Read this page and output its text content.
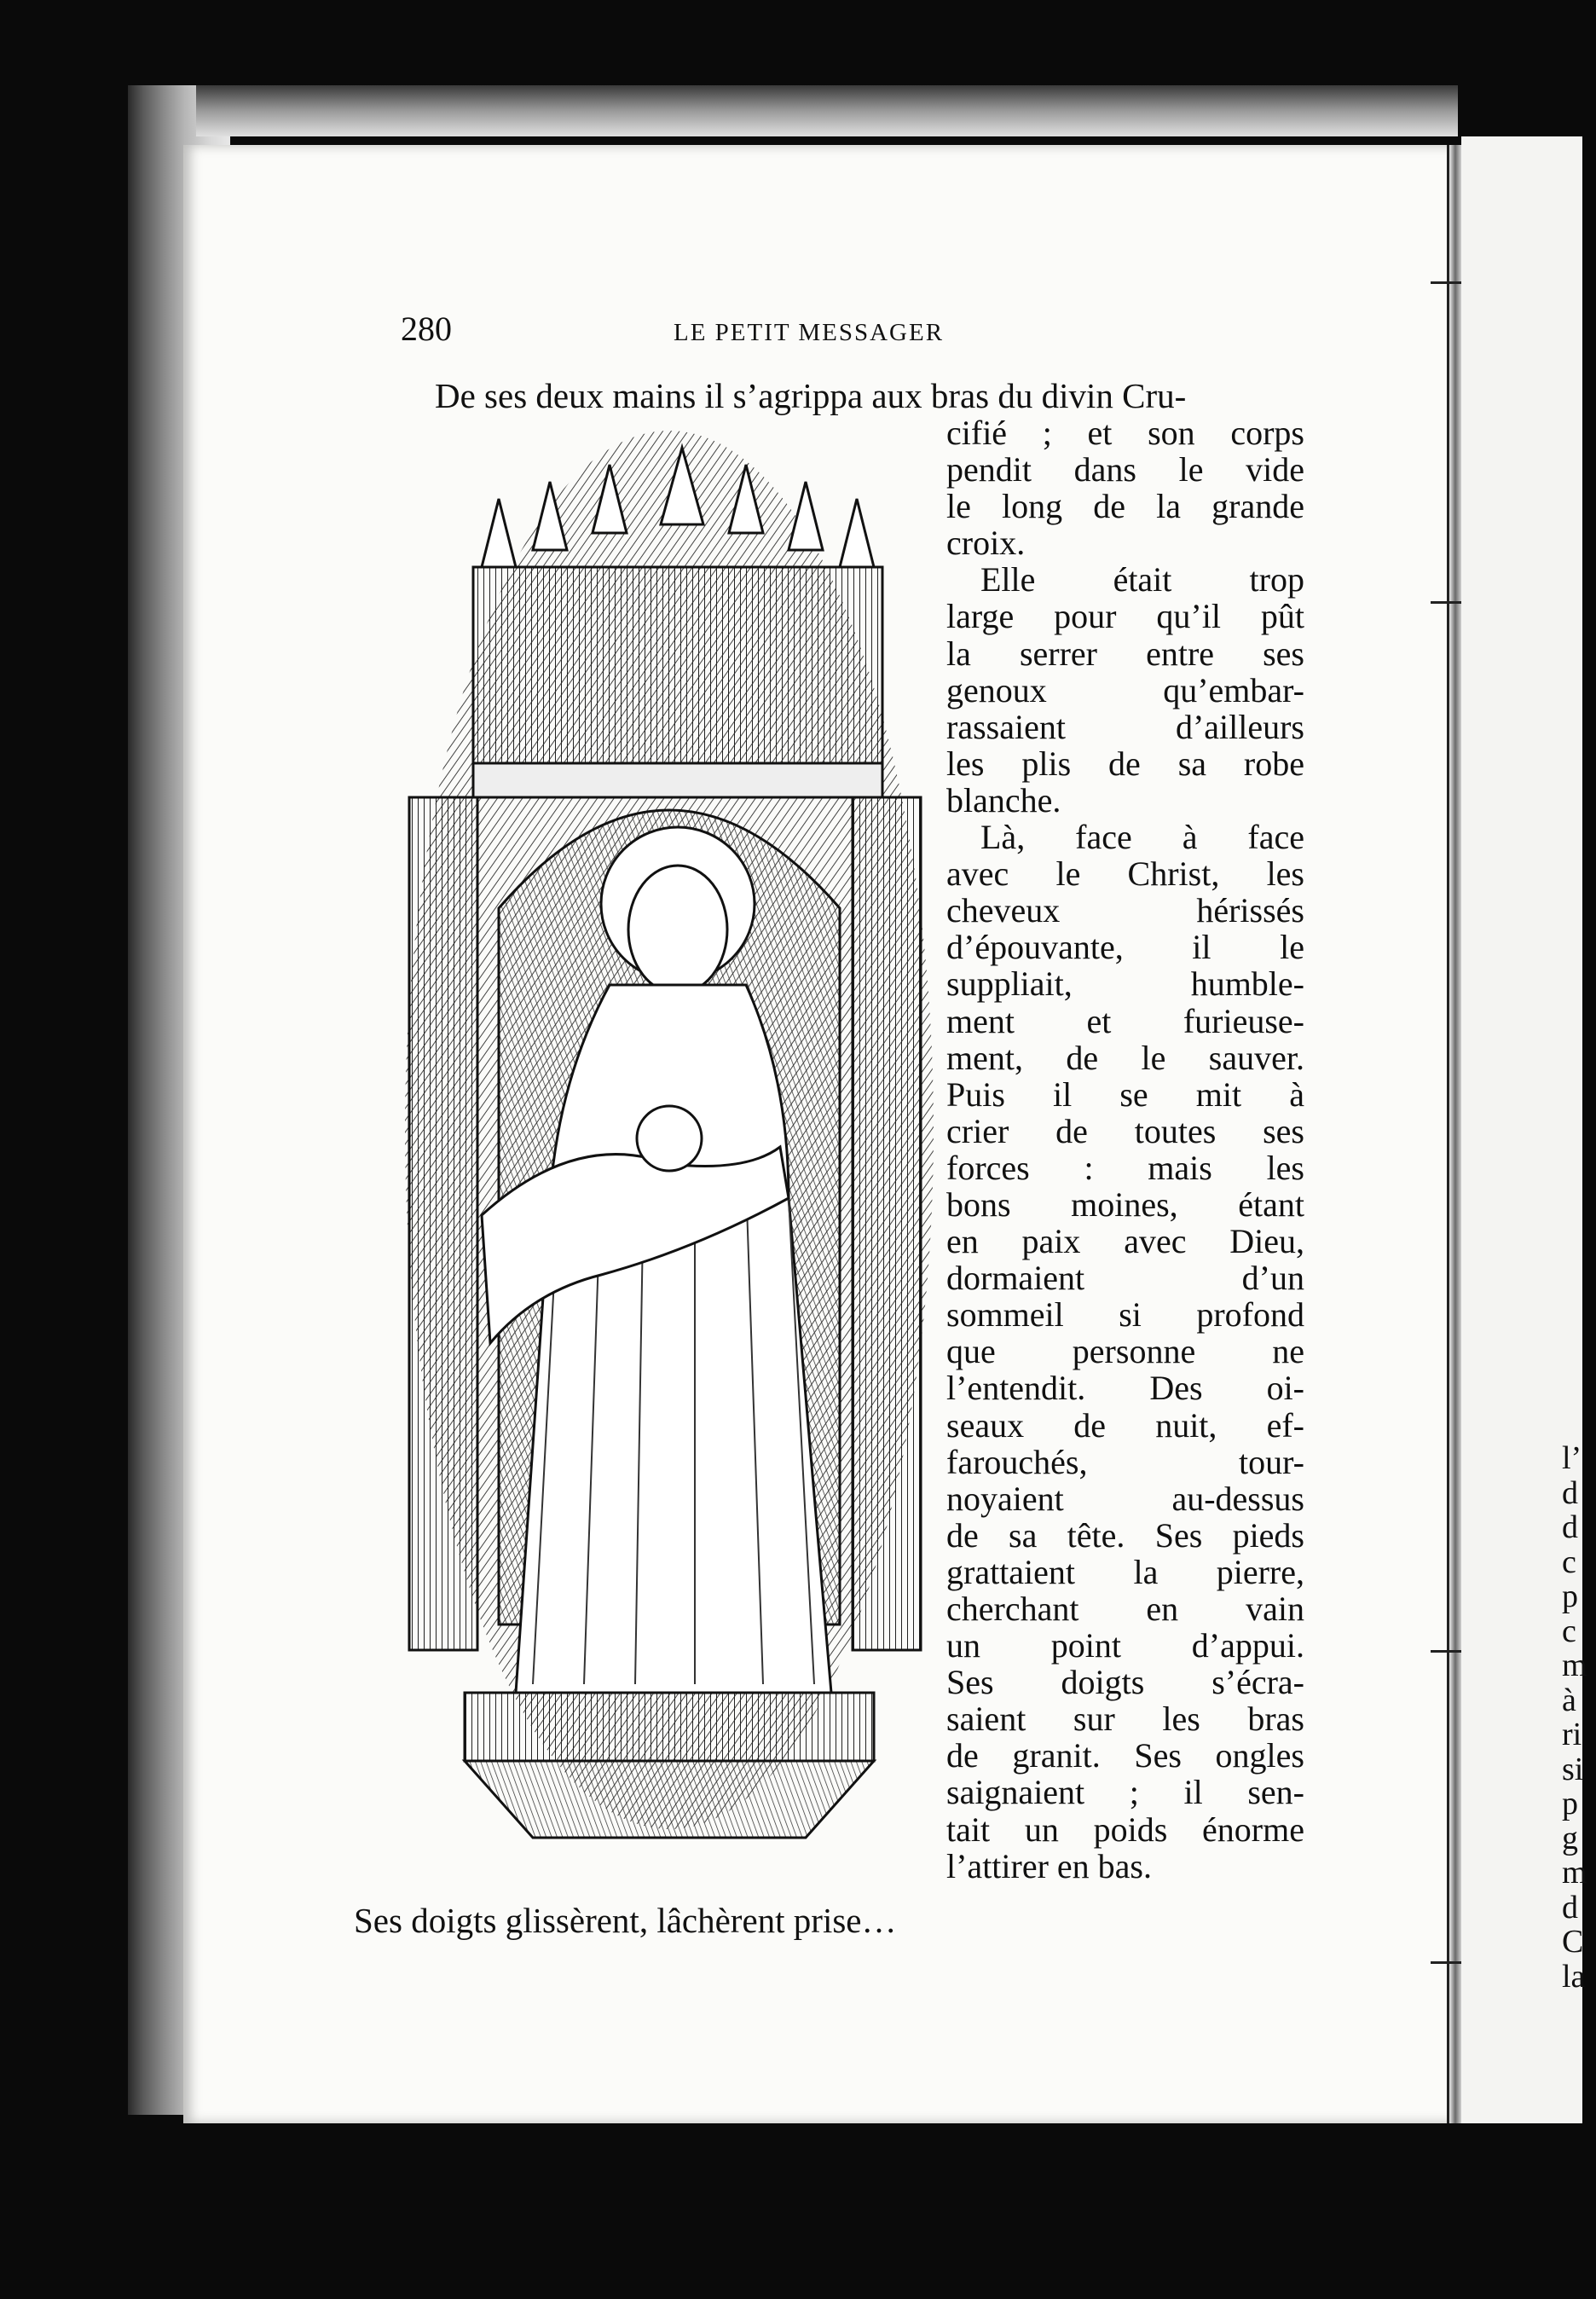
280	LE PETIT MESSAGER
De ses deux mains il s’agrippa aux bras du divin Cru-
cifié ; et son corps
pendit dans le vide
le long de la grande
croix.
Elle était trop
large pour qu’il pût
la serrer entre ses
genoux qu’embar-
rassaient d’ailleurs
les plis de sa robe
blanche.
Là, face à face
avec le Christ, les
cheveux hérissés
d’épouvante, il le
suppliait, humble-
ment et furieuse-
ment, de le sauver.
Puis il se mit à
crier de toutes ses
forces : mais les
bons moines, étant
en paix avec Dieu,
dormaient d’un
sommeil si profond
que personne ne
l’entendit. Des oi-
seaux de nuit, ef-
farouchés, tour-
noyaient au-dessus
de sa tête. Ses pieds
grattaient la pierre,
cherchant en vain
un point d’appui.
Ses doigts s’écra-
saient sur les bras
de granit. Ses ongles
saignaient ; il sen-
tait un poids énorme
l’attirer en bas.
Ses doigts glissèrent, lâchèrent prise…
l’
d
d
c
p
c
m
à
ri
si
p
g
m
d
C
la
